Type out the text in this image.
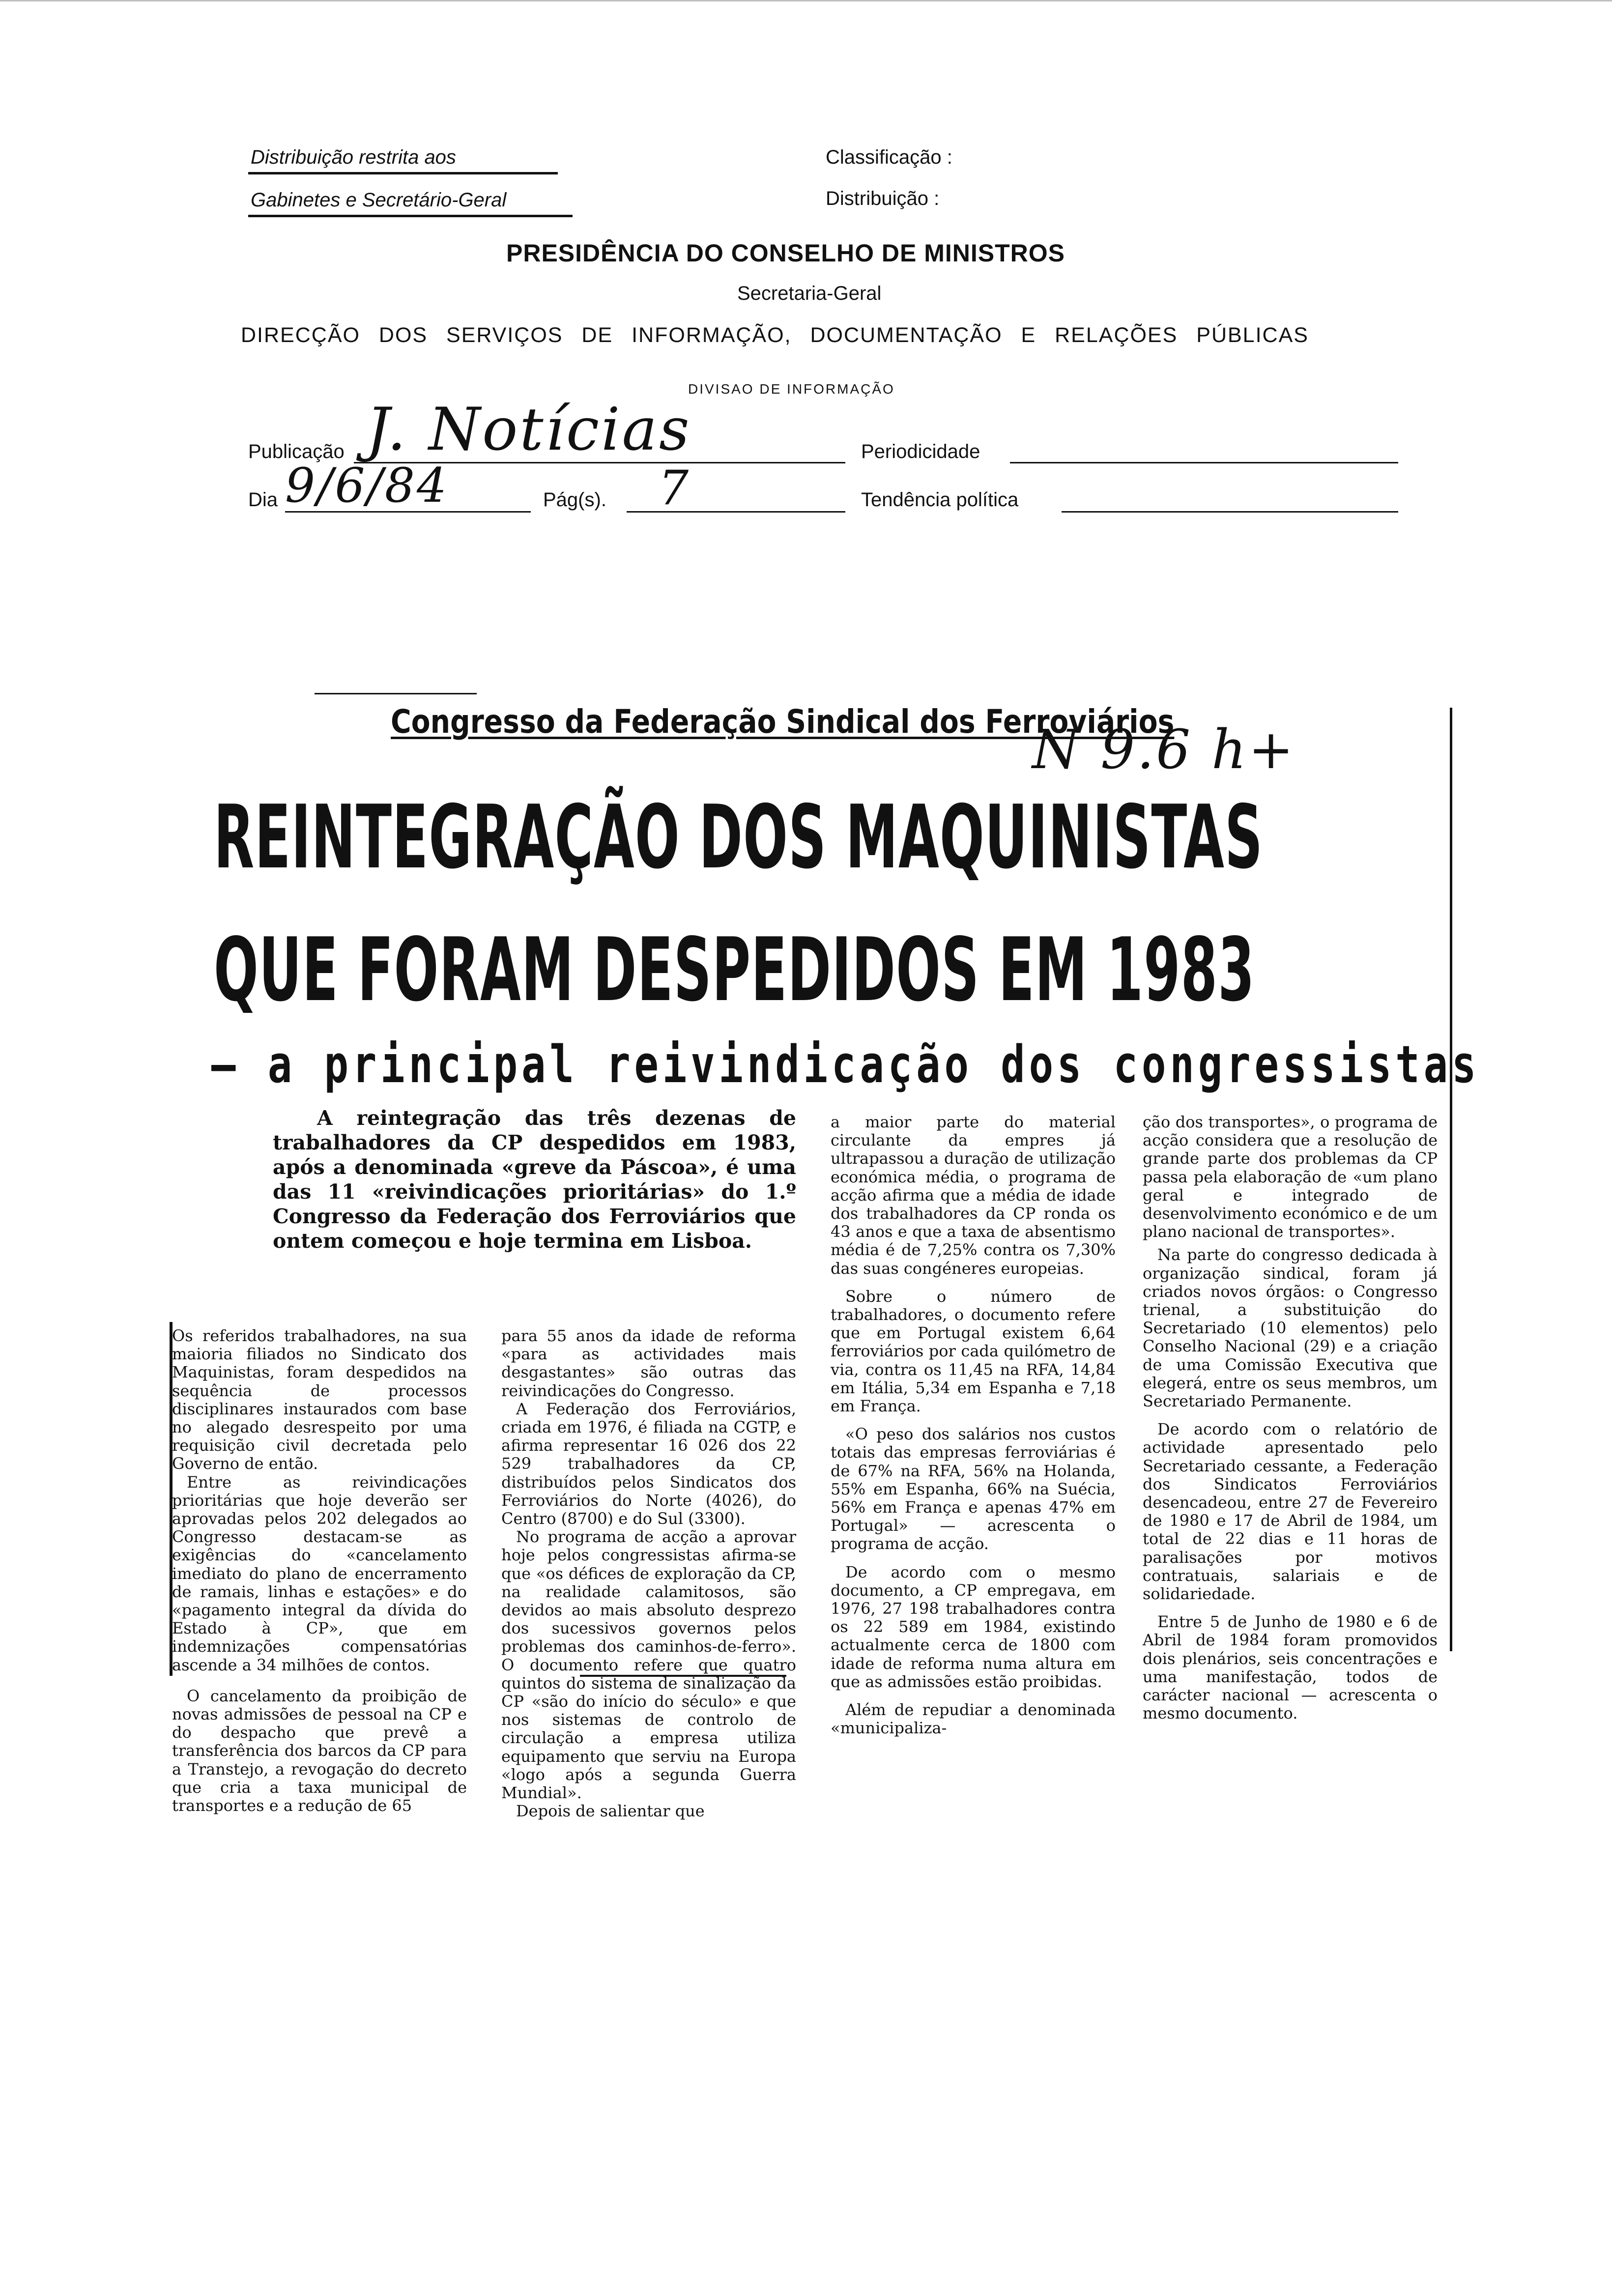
Distribuição restrita aos
Gabinetes e Secretário-Geral
Classificação :
Distribuição :
PRESIDÊNCIA DO CONSELHO DE MINISTROS
Secretaria-Geral
DIRECÇÃO DOS SERVIÇOS DE INFORMAÇÃO, DOCUMENTAÇÃO E RELAÇÕES PÚBLICAS
DIVISAO DE INFORMAÇÃO
Publicação J. Notícias	Periodicidade
Dia 9/6/84	Pág(s). 7	Tendência política
Congresso da Federação Sindical dos Ferroviários
N 9.6 h+
REINTEGRAÇÃO DOS MAQUINISTAS
QUE FORAM DESPEDIDOS EM 1983
— a principal reivindicação dos congressistas
A reintegração das três dezenas de trabalhadores da CP despedidos em 1983, após a denominada «greve da Páscoa», é uma das 11 «reivindicações prioritárias» do 1.º Congresso da Federação dos Ferroviários que ontem começou e hoje termina em Lisboa.

Os referidos trabalhadores, na sua maioria filiados no Sindicato dos Maquinistas, foram despedidos na sequência de processos disciplinares instaurados com base no alegado desrespeito por uma requisição civil decretada pelo Governo de então.

Entre as reivindicações prioritárias que hoje deverão ser aprovadas pelos 202 delegados ao Congresso destacam-se as exigências do «cancelamento imediato do plano de encerramento de ramais, linhas e estações» e do «pagamento integral da dívida do Estado à CP», que em indemnizações compensatórias ascende a 34 milhões de contos.

O cancelamento da proibição de novas admissões de pessoal na CP e do despacho que prevê a transferência dos barcos da CP para a Transtejo, a revogação do decreto que cria a taxa municipal de transportes e a redução de 65

para 55 anos da idade de reforma «para as actividades mais desgastantes» são outras das reivindicações do Congresso.

A Federação dos Ferroviários, criada em 1976, é filiada na CGTP, e afirma representar 16 026 dos 22 529 trabalhadores da CP, distribuídos pelos Sindicatos dos Ferroviários do Norte (4026), do Centro (8700) e do Sul (3300).

No programa de acção a aprovar hoje pelos congressistas afirma-se que «os défices de exploração da CP, na realidade calamitosos, são devidos ao mais absoluto desprezo dos sucessivos governos pelos problemas dos caminhos-de-ferro». O documento refere que quatro quintos do sistema de sinalização da CP «são do início do século» e que nos sistemas de controlo de circulação a empresa utiliza equipamento que serviu na Europa «logo após a segunda Guerra Mundial».

Depois de salientar que

a maior parte do material circulante da empres já ultrapassou a duração de utilização económica média, o programa de acção afirma que a média de idade dos trabalhadores da CP ronda os 43 anos e que a taxa de absentismo média é de 7,25% contra os 7,30% das suas congéneres europeias.

Sobre o número de trabalhadores, o documento refere que em Portugal existem 6,64 ferroviários por cada quilómetro de via, contra os 11,45 na RFA, 14,84 em Itália, 5,34 em Espanha e 7,18 em França.

«O peso dos salários nos custos totais das empresas ferroviárias é de 67% na RFA, 56% na Holanda, 55% em Espanha, 66% na Suécia, 56% em França e apenas 47% em Portugal» — acrescenta o programa de acção.

De acordo com o mesmo documento, a CP empregava, em 1976, 27 198 trabalhadores contra os 22 589 em 1984, existindo actualmente cerca de 1800 com idade de reforma numa altura em que as admissões estão proibidas.

Além de repudiar a denominada «municipaliza-

ção dos transportes», o programa de acção considera que a resolução de grande parte dos problemas da CP passa pela elaboração de «um plano geral e integrado de desenvolvimento económico e de um plano nacional de transportes».

Na parte do congresso dedicada à organização sindical, foram já criados novos órgãos: o Congresso trienal, a substituição do Secretariado (10 elementos) pelo Conselho Nacional (29) e a criação de uma Comissão Executiva que elegerá, entre os seus membros, um Secretariado Permanente.

De acordo com o relatório de actividade apresentado pelo Secretariado cessante, a Federação dos Sindicatos Ferroviários desencadeou, entre 27 de Fevereiro de 1980 e 17 de Abril de 1984, um total de 22 dias e 11 horas de paralisações por motivos contratuais, salariais e de solidariedade.

Entre 5 de Junho de 1980 e 6 de Abril de 1984 foram promovidos dois plenários, seis concentrações e uma manifestação, todos de carácter nacional — acrescenta o mesmo documento.
